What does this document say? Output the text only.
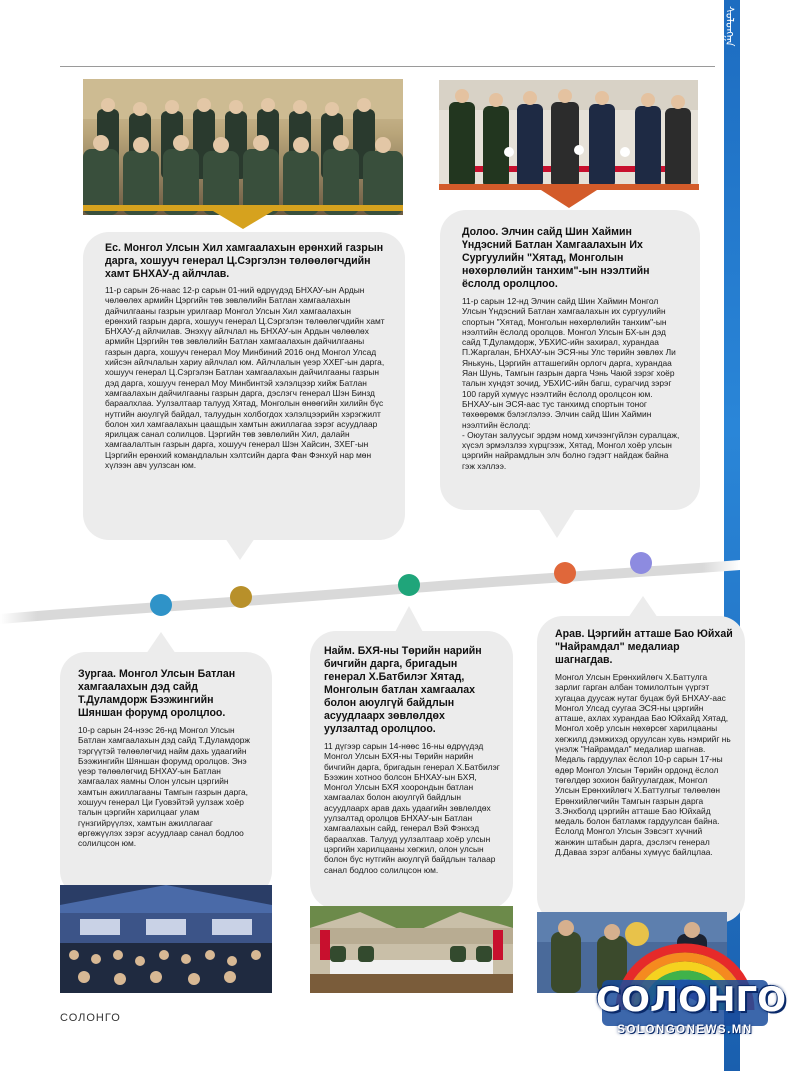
ᠰᠣᠯᠣᠩᠭᠠ
Ес. Монгол Улсын Хил хамгаалахын ерөнхий газрын дарга, хошууч генерал Ц.Сэргэлэн төлөөлөгчдийн хамт БНХАУ-д айлчлав.

11-р сарын 26-наас 12-р сарын 01-ний өдрүүдэд БНХАУ-ын Ардын чөлөөлөх армийн Цэргийн төв зөвлөлийн Батлан хамгаалахын дайчилгааны газрын урилгаар Монгол Улсын Хил хамгаалахын ерөнхий газрын дарга, хошууч генерал Ц.Сэргэлэн төлөөлөгчдийн хамт БНХАУ-д айлчилав. Энэхүү айлчлал нь БНХАУ-ын Ардын чөлөөлөх армийн Цэргийн төв зөвлөлийн Батлан хамгаалахын дайчилгааны газрын дарга, хошууч генерал Моу Минбиний 2016 онд Монгол Улсад хийсэн айлчлалын хариу айлчлал юм. Айлчлалын үеэр ХХЕГ-ын дарга, хошууч генерал Ц.Сэргэлэн Батлан хамгаалахын дайчилгааны газрын дэд дарга, хошууч генерал Моу Минбинтэй хэлэлцээр хийж Батлан хамгаалахын дайчилгааны газрын дарга, дэслэгч генерал Шэн Бинзд бараалхлаа. Уулзалтаар талууд Хятад, Монголын өнөөгийн хилийн бүс нутгийн аюулгүй байдал, талуудын холбогдох хэлэлцээрийн хэрэгжилт болон хил хамгаалахын цаашдын хамтын ажиллагаа зэрэг асуудлаар ярилцаж санал солилцов. Цэргийн төв зөвлөлийн Хил, далайн хамгаалалтын газрын дарга, хошууч генерал Шэн Хайсин, ЗХЕГ-ын Цэргийн ерөнхий командлалын хэлтсийн дарга Фан Фэнхуй нар мөн хүлээн авч уулзсан юм.

Долоо. Элчин сайд Шин Хаймин Үндэсний Батлан Хамгаалахын Их Сургуулийн "Хятад, Монголын нөхөрлөлийн танхим"-ын нээлтийн ёслолд оролцлоо.

11-р сарын 12-нд Элчин сайд Шин Хаймин Монгол Улсын Үндэсний Батлан хамгаалахын их сургуулийн спортын "Хятад, Монголын нөхөрлөлийн танхим"-ын нээлтийн ёслолд оролцов. Монгол Улсын БХ-ын дэд сайд Т.Дуламдорж, УБХИС-ийн захирал, хурандаа П.Жаргалан, БНХАУ-ын ЭСЯ-ны Улс төрийн зөвлөх Ли Янькунь, Цэргийн атташегийн орлогч дарга, хурандаа Яан Шунь, Тамгын газрын дарга Чэнь Чаюй зэрэг хоёр талын хүндэт зочид, УБХИС-ийн багш, сурагчид зэрэг 100 гаруй хүмүүс нээлтийн ёслолд оролцсон юм. БНХАУ-ын ЭСЯ-аас тус танхимд спортын тоног төхөөрөмж бэлэглэлээ. Элчин сайд Шин Хаймин нээлтийн ёслолд:
- Оюутан залуусыг эрдэм номд хичээнгүйлэн суралцаж, хүсэл эрмэлзлээ хүрцгээж, Хятад, Монгол хоёр улсын цэргийн найрамдлын элч болно гэдэгт найдаж байна гэж хэллээ.

Зургаа. Монгол Улсын Батлан хамгаалахын дэд сайд Т.Дуламдорж Бээжингийн Шяншан форумд оролцлоо.

10-р сарын 24-нээс 26-нд Монгол Улсын Батлан хамгаалахын дэд сайд Т.Дуламдорж тэргүүтэй төлөөлөгчид найм дахь удаагийн Бээжингийн Шяншан форумд оролцов. Энэ үеэр төлөөлөгчид БНХАУ-ын Батлан хамгаалах яамны Олон улсын цэргийн хамтын ажиллагааны Тамгын газрын дарга, хошууч генерал Ци Гуовэйтэй уулзаж хоёр талын цэргийн харилцааг улам гүнзгийрүүлэх, хамтын ажиллагааг өргөжүүлэх зэрэг асуудлаар санал бодлоо солилцсон юм.

Найм. БХЯ-ны Төрийн нарийн бичгийн дарга, бригадын генерал Х.Батбилэг Хятад, Монголын батлан хамгаалах болон аюулгүй байдлын асуудлаарх зөвлөлдөх уулзалтад оролцлоо.

11 дүгээр сарын 14-нөөс 16-ны өдрүүдэд Монгол Улсын БХЯ-ны Төрийн нарийн бичгийн дарга, бригадын генерал Х.Батбилэг Бээжин хотноо болсон БНХАУ-ын БХЯ, Монгол Улсын БХЯ хоорондын батлан хамгаалах болон аюулгүй байдлын асуудлаарх арав дахь удаагийн зөвлөлдөх уулзалтад оролцов БНХАУ-ын Батлан хамгаалахын сайд, генерал Вэй Фэнхэд бараалхав. Талууд уулзалтаар хоёр улсын цэргийн харилцааны хөгжил, олон улсын болон бүс нутгийн аюулгүй байдлын талаар санал бодлоо солилцсон юм.

Арав. Цэргийн атташе Бао Юйхай "Найрамдал" медалиар шагнагдав.

Монгол Улсын Ерөнхийлөгч Х.Баттулга зарлиг гарган албан томилолтын үүргэт хугацаа дуусаж нутаг буцаж буй БНХАУ-аас Монгол Улсад суугаа ЭСЯ-ны цэргийн атташе, ахлах хурандаа Бао Юйхайд Хятад, Монгол хоёр улсын нөхөрсөг харилцааны хөгжилд дэмжихэд оруулсан хувь нэмрийг нь үнэлж "Найрамдал" медалиар шагнав. Медаль гардуулах ёслол 10-р сарын 17-ны өдөр Монгол Улсын Төрийн ордонд ёслол төгөлдөр зохион байгуулагдаж, Монгол Улсын Ерөнхийлөгч Х.Баттулгыг төлөөлөн Ерөнхийлөгчийн Тамгын газрын дарга З.Энхболд цэргийн атташе Бао Юйхайд медаль болон батламж гардуулсан байна. Ёслолд Монгол Улсын Зэвсэгт хүчний жанжин штабын дарга, дэслэгч генерал Д.Даваа зэрэг албаны хүмүүс байлцлаа.

СОЛОНГО	СОЛОНГО
SOLONGONEWS.MN
